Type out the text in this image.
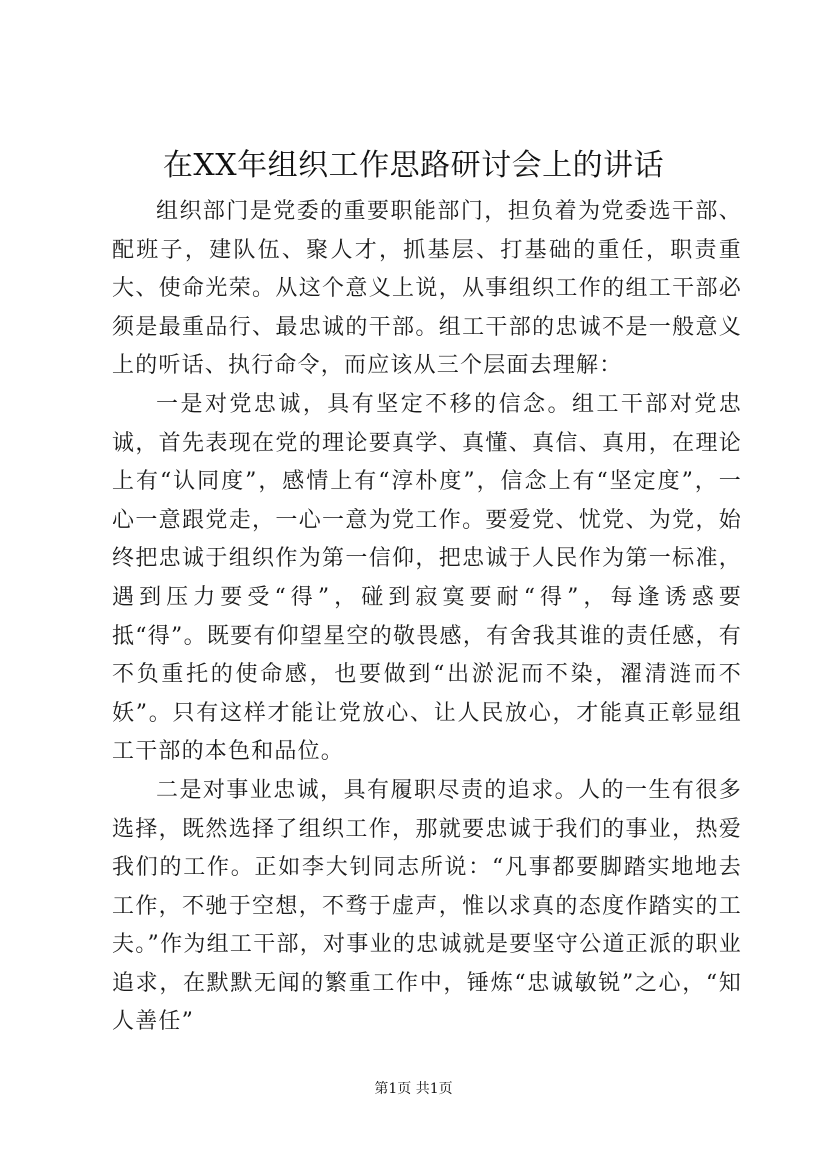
在XX年组织工作思路研讨会上的讲话

组织部门是党委的重要职能部门，担负着为党委选干部、配班子，建队伍、聚人才，抓基层、打基础的重任，职责重大、使命光荣。从这个意义上说，从事组织工作的组工干部必须是最重品行、最忠诚的干部。组工干部的忠诚不是一般意义上的听话、执行命令，而应该从三个层面去理解：

一是对党忠诚，具有坚定不移的信念。组工干部对党忠诚，首先表现在党的理论要真学、真懂、真信、真用，在理论上有“认同度”，感情上有“淳朴度”，信念上有“坚定度”，一心一意跟党走，一心一意为党工作。要爱党、忧党、为党，始终把忠诚于组织作为第一信仰，把忠诚于人民作为第一标准，遇到压力要受“得”，碰到寂寞要耐“得”，每逢诱惑要抵“得”。既要有仰望星空的敬畏感，有舍我其谁的责任感，有不负重托的使命感，也要做到“出淤泥而不染，濯清涟而不妖”。只有这样才能让党放心、让人民放心，才能真正彰显组工干部的本色和品位。

二是对事业忠诚，具有履职尽责的追求。人的一生有很多选择，既然选择了组织工作，那就要忠诚于我们的事业，热爱我们的工作。正如李大钊同志所说：“凡事都要脚踏实地地去工作，不驰于空想，不骛于虚声，惟以求真的态度作踏实的工夫。”作为组工干部，对事业的忠诚就是要坚守公道正派的职业追求，在默默无闻的繁重工作中，锤炼“忠诚敏锐”之心，“知人善任”

第1页 共1页
